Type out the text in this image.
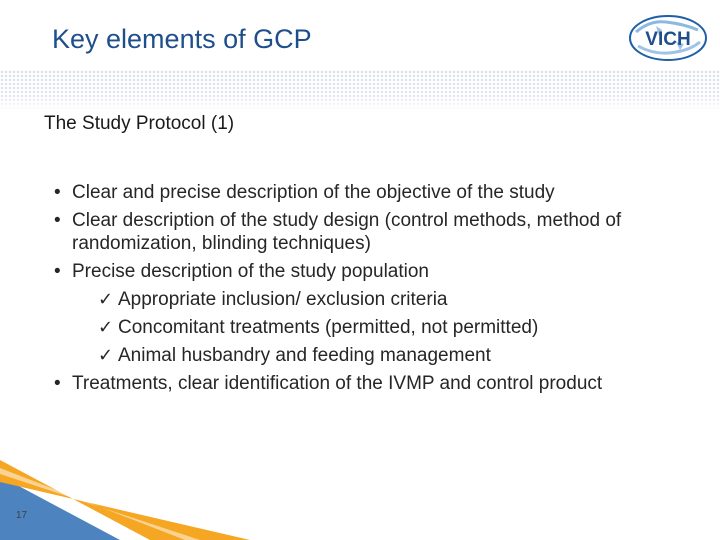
Key elements of GCP	VICH
The Study Protocol (1)
• Clear and precise description of the objective of the study
• Clear description of the study design (control methods, method of randomization, blinding techniques)
• Precise description of the study population
✓ Appropriate inclusion/ exclusion criteria
✓ Concomitant treatments (permitted, not permitted)
✓ Animal husbandry and feeding management
• Treatments, clear identification of the IVMP and control product
17
